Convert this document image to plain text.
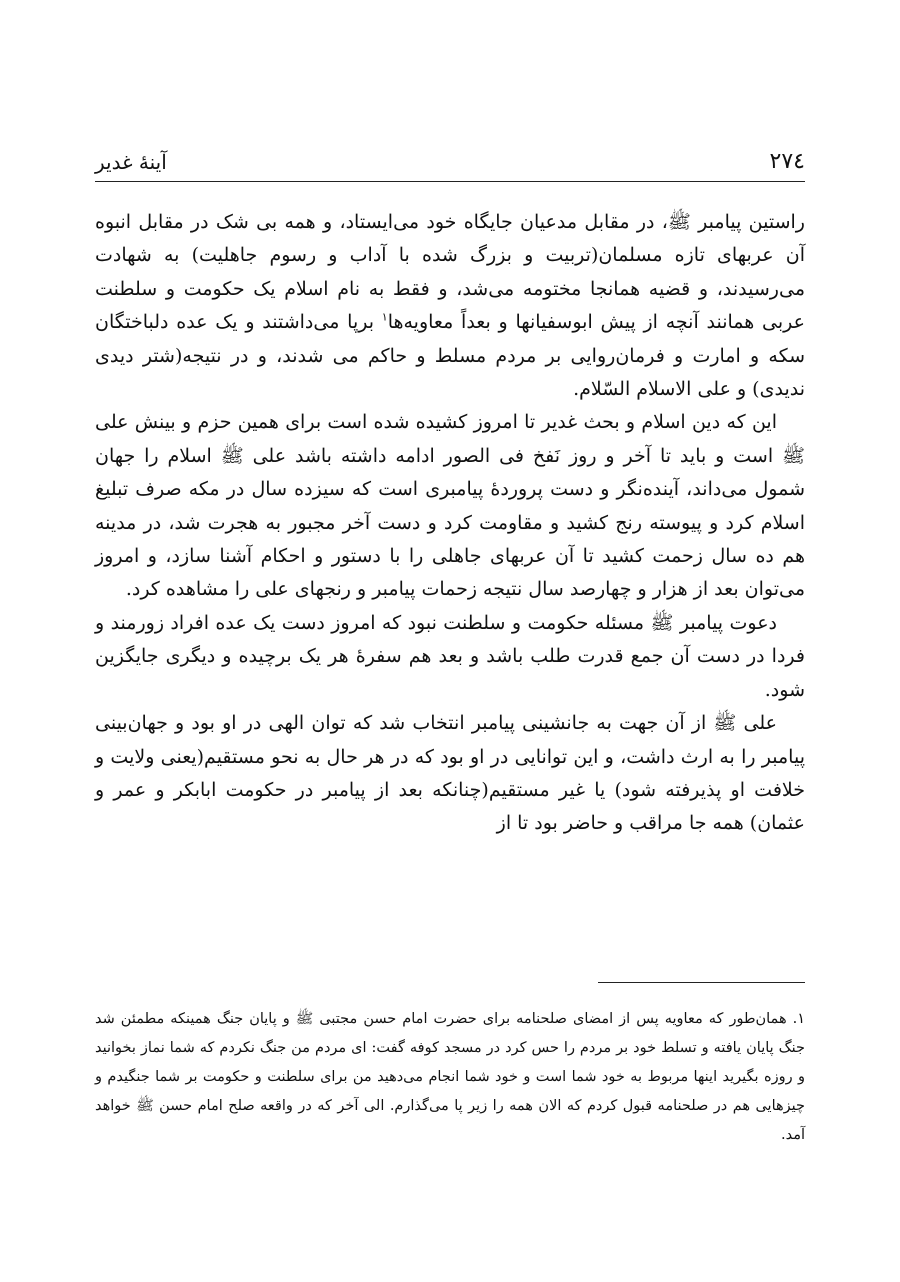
آینهٔ غدیر	۲۷٤

راستین پیامبر ﷺ، در مقابل مدعیان جایگاه خود می‌ایستاد، و همه بی شک در مقابل انبوه آن عربهای تازه مسلمان(تربیت و بزرگ شده با آداب و رسوم جاهلیت) به شهادت می‌رسیدند، و قضیه همانجا مختومه می‌شد، و فقط به نام اسلام یک حکومت و سلطنت عربی همانند آنچه از پیش ابوسفیانها و بعداً معاویه‌ها$^۱$ برپا می‌داشتند و یک عده دلباختگان سکه و امارت و فرمان‌روایی بر مردم مسلط و حاکم می شدند، و در نتیجه(شتر دیدی ندیدی) و علی الاسلام السّلام.

این که دین اسلام و بحث غدیر تا امروز کشیده شده است برای همین حزم و بینش علی ﷺ است و باید تا آخر و روز نَفخ فی الصور ادامه داشته باشد علی ﷺ اسلام را جهان شمول می‌داند، آینده‌نگر و دست پروردهٔ پیامبری است که سیزده سال در مکه صرف تبلیغ اسلام کرد و پیوسته رنج کشید و مقاومت کرد و دست آخر مجبور به هجرت شد، در مدینه هم ده سال زحمت کشید تا آن عربهای جاهلی را با دستور و احکام آشنا سازد، و امروز می‌توان بعد از هزار و چهارصد سال نتیجه زحمات پیامبر و رنجهای علی را مشاهده کرد.

دعوت پیامبر ﷺ مسئله حکومت و سلطنت نبود که امروز دست یک عده افراد زورمند و فردا در دست آن جمع قدرت طلب باشد و بعد هم سفرهٔ هر یک برچیده و دیگری جایگزین شود.

علی ﷺ از آن جهت به جانشینی پیامبر انتخاب شد که توان الهی در او بود و جهان‌بینی پیامبر را به ارث داشت، و این توانایی در او بود که در هر حال به نحو مستقیم(یعنی ولایت و خلافت او پذیرفته شود) یا غیر مستقیم(چنانکه بعد از پیامبر در حکومت ابابکر و عمر و عثمان) همه جا مراقب و حاضر بود تا از

۱.همان‌طور که معاویه پس از امضای صلحنامه برای حضرت امام حسن مجتبی ﷺ و پایان جنگ همینکه مطمئن شد جنگ پایان یافته و تسلط خود بر مردم را حس کرد در مسجد کوفه گفت: ای مردم من جنگ نکردم که شما نماز بخوانید و روزه بگیرید اینها مربوط به خود شما است و خود شما انجام می‌دهید من برای سلطنت و حکومت بر شما جنگیدم و چیزهایی هم در صلحنامه قبول کردم که الان همه را زیر پا می‌گذارم. الی آخر که در واقعه صلح امام حسن ﷺ خواهد آمد.
